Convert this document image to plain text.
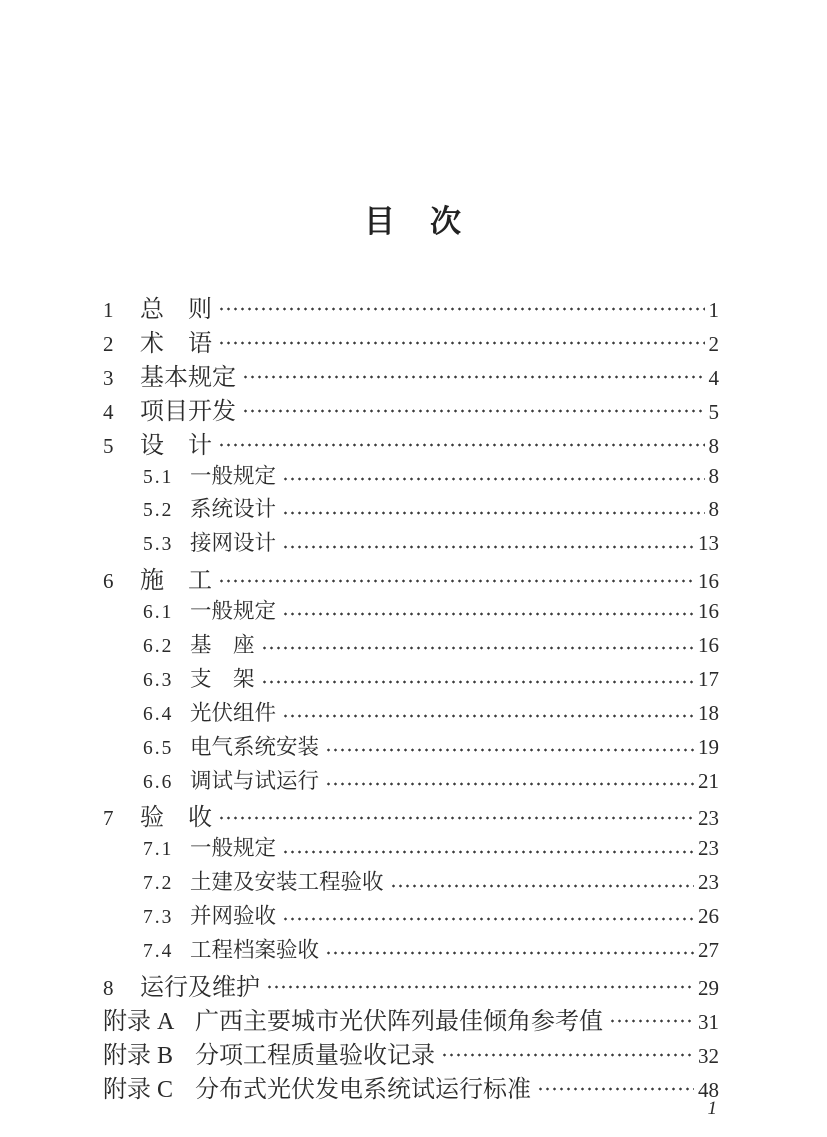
目　次
1	总　则	1
2	术　语	2
3	基本规定	4
4	项目开发	5
5	设　计	8
5.1 一般规定	8
5.2 系统设计	8
5.3 接网设计	13
6	施　工	16
6.1 一般规定	16
6.2 基　座	16
6.3 支　架	17
6.4 光伏组件	18
6.5 电气系统安装	19
6.6 调试与试运行	21
7	验　收	23
7.1 一般规定	23
7.2 土建及安装工程验收	23
7.3 并网验收	26
7.4 工程档案验收	27
8	运行及维护	29
附录 A 广西主要城市光伏阵列最佳倾角参考值	31
附录 B 分项工程质量验收记录	32
附录 C 分布式光伏发电系统试运行标准	48
1
